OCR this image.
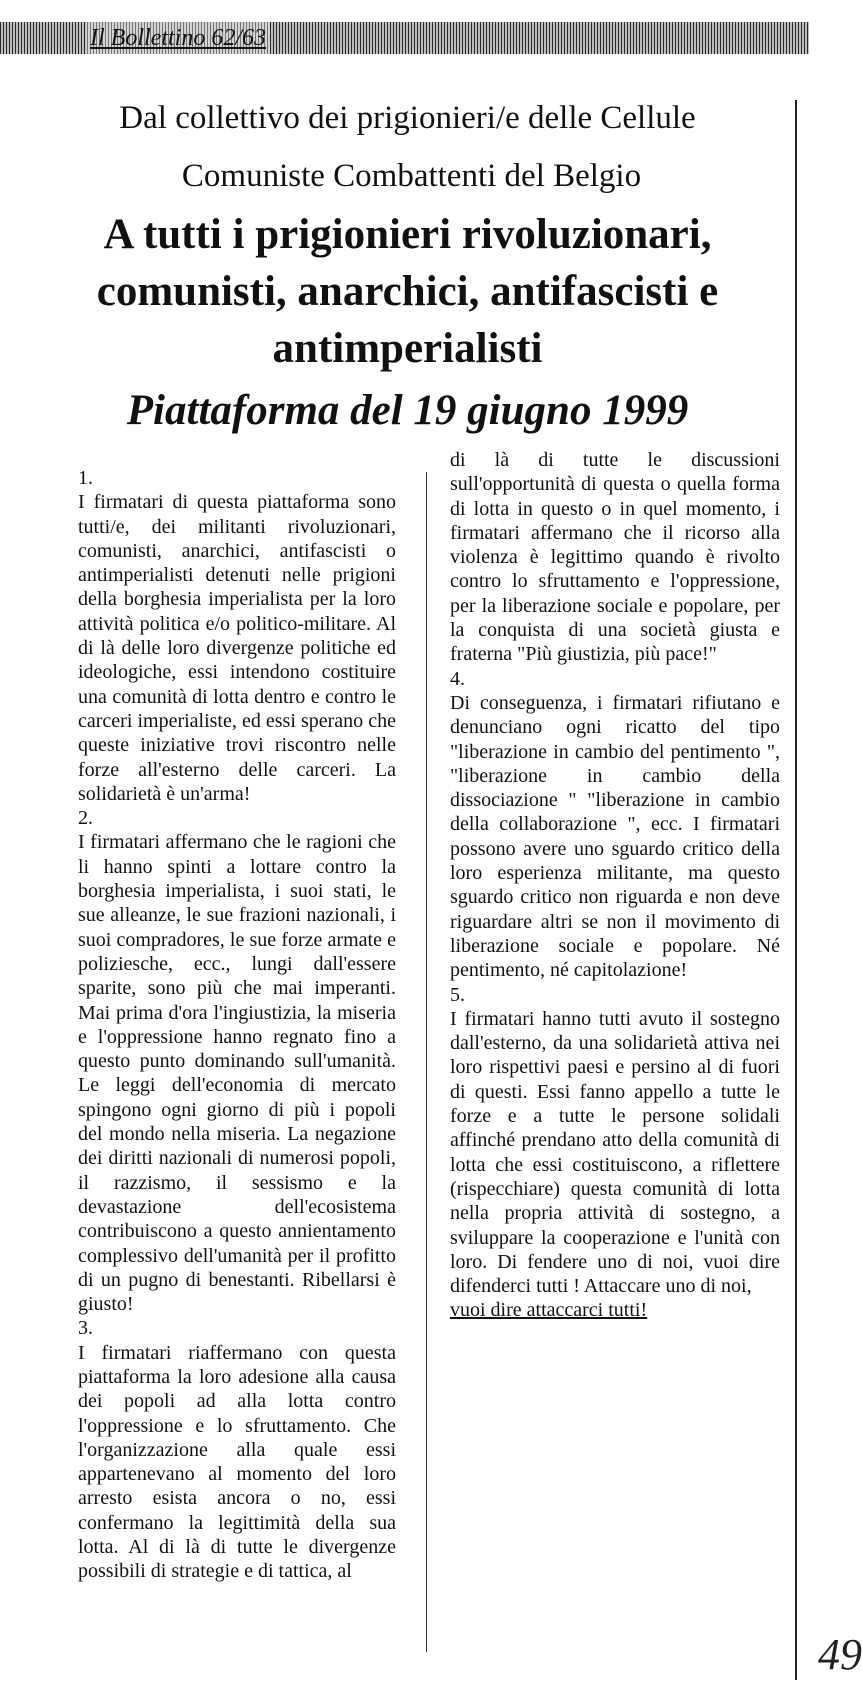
Il Bollettino 62/63
Dal collettivo dei prigionieri/e delle Cellule
Comuniste Combattenti del Belgio
A tutti i prigionieri rivoluzionari, comunisti, anarchici, antifascisti e antimperialisti
Piattaforma del 19 giugno 1999
1.

I firmatari di questa piattaforma sono tutti/e, dei militanti rivoluzionari, comunisti, anarchici, antifascisti o antimperialisti detenuti nelle prigioni della borghesia imperialista per la loro attività politica e/o politico-militare. Al di là delle loro divergenze politiche ed ideologiche, essi intendono costituire una comunità di lotta dentro e contro le carceri imperialiste, ed essi sperano che queste iniziative trovi riscontro nelle forze all'esterno delle carceri. La solidarietà è un'arma!

2.

I firmatari affermano che le ragioni che li hanno spinti a lottare contro la borghesia imperialista, i suoi stati, le sue alleanze, le sue frazioni nazionali, i suoi compradores, le sue forze armate e poliziesche, ecc., lungi dall'essere sparite, sono più che mai imperanti. Mai prima d'ora l'ingiustizia, la miseria e l'oppressione hanno regnato fino a questo punto dominando sull'umanità. Le leggi dell'economia di mercato spingono ogni giorno di più i popoli del mondo nella miseria. La negazione dei diritti nazionali di numerosi popoli, il razzismo, il sessismo e la devastazione dell'ecosistema contribuiscono a questo annientamento complessivo dell'umanità per il profitto di un pugno di benestanti. Ribellarsi è giusto!

3.

I firmatari riaffermano con questa piattaforma la loro adesione alla causa dei popoli ad alla lotta contro l'oppressione e lo sfruttamento. Che l'organizzazione alla quale essi appartenevano al momento del loro arresto esista ancora o no, essi confermano la legittimità della sua lotta. Al di là di tutte le divergenze possibili di strategie e di tattica, al

di là di tutte le discussioni sull'opportunità di questa o quella forma di lotta in questo o in quel momento, i firmatari affermano che il ricorso alla violenza è legittimo quando è rivolto contro lo sfruttamento e l'oppressione, per la liberazione sociale e popolare, per la conquista di una società giusta e fraterna "Più giustizia, più pace!"

4.

Di conseguenza, i firmatari rifiutano e denunciano ogni ricatto del tipo "liberazione in cambio del pentimento ", "liberazione in cambio della dissociazione " "liberazione in cambio della collaborazione ", ecc. I firmatari possono avere uno sguardo critico della loro esperienza militante, ma questo sguardo critico non riguarda e non deve riguardare altri se non il movimento di liberazione sociale e popolare. Né pentimento, né capitolazione!

5.

I firmatari hanno tutti avuto il sostegno dall'esterno, da una solidarietà attiva nei loro rispettivi paesi e persino al di fuori di questi. Essi fanno appello a tutte le forze e a tutte le persone solidali affinché prendano atto della comunità di lotta che essi costituiscono, a riflettere (rispecchiare) questa comunità di lotta nella propria attività di sostegno, a sviluppare la cooperazione e l'unità con loro. Di fendere uno di noi, vuoi dire difenderci tutti ! Attaccare uno di noi,

vuoi dire attaccarci tutti!
49
